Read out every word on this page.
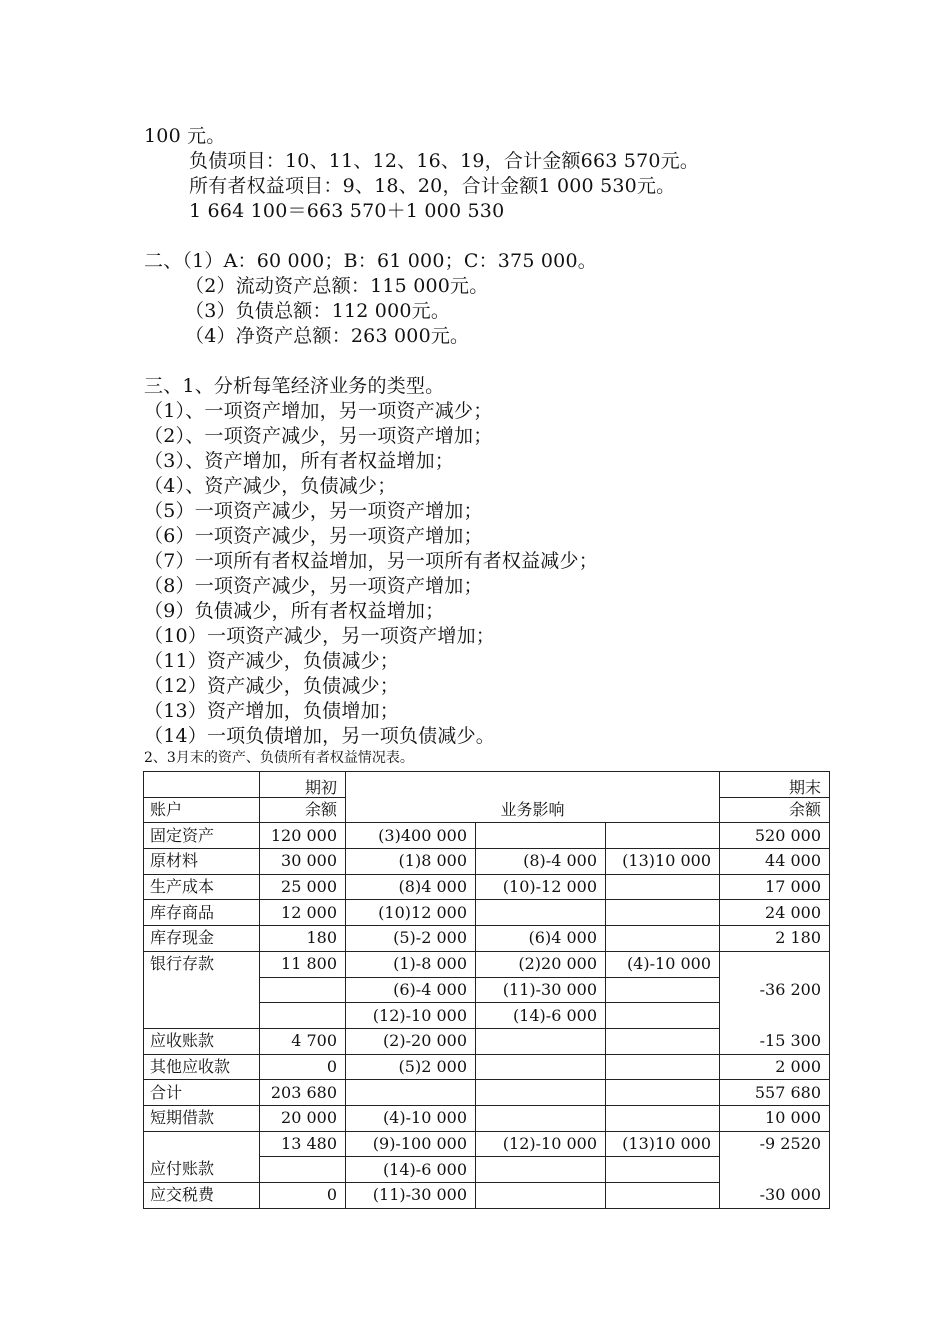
100 元。
负债项目：10、11、12、16、19，合计金额663 570元。
所有者权益项目：9、18、20，合计金额1 000 530元。
1 664 100＝663 570＋1 000 530
二、（1）A：60 000；B：61 000；C：375 000。
（2）流动资产总额：115 000元。
（3）负债总额：112 000元。
（4）净资产总额：263 000元。
三、1、分析每笔经济业务的类型。
（1）、一项资产增加，另一项资产减少；
（2）、一项资产减少，另一项资产增加；
（3）、资产增加，所有者权益增加；
（4）、资产减少，负债减少；
（5）一项资产减少，另一项资产增加；
（6）一项资产减少，另一项资产增加；
（7）一项所有者权益增加，另一项所有者权益减少；
（8）一项资产减少，另一项资产增加；
（9）负债减少，所有者权益增加；
（10）一项资产减少，另一项资产增加；
（11）资产减少，负债减少；
（12）资产减少，负债减少；
（13）资产增加，负债增加；
（14）一项负债增加，另一项负债减少。
2、3月末的资产、负债所有者权益情况表。
	期初	业务影响			期末
账户	余额				余额
固定资产	120 000	(3)400 000			520 000
原材料	30 000	(1)8 000	(8)-4 000	(13)10 000	44 000
生产成本	25 000	(8)4 000	(10)-12 000		17 000
库存商品	12 000	(10)12 000			24 000
库存现金	180	(5)-2 000	(6)4 000		2 180
银行存款	11 800	(1)-8 000	(2)20 000	(4)-10 000	-36 200
		(6)-4 000	(11)-30 000		
		(12)-10 000	(14)-6 000		
应收账款	4 700	(2)-20 000			-15 300
其他应收款	0	(5)2 000			2 000
合计	203 680				557 680
短期借款	20 000	(4)-10 000			10 000
	13 480	(9)-100 000	(12)-10 000	(13)10 000	-9 2520
应付账款		(14)-6 000			
应交税费	0	(11)-30 000			-30 000
